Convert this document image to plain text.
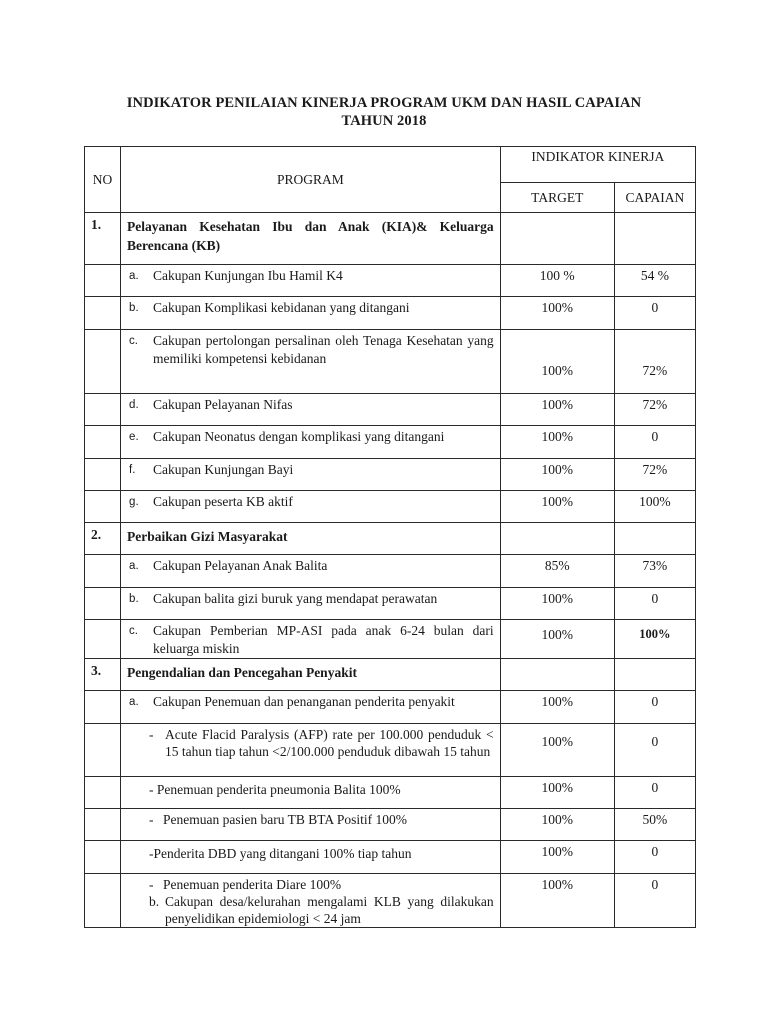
INDIKATOR PENILAIAN KINERJA PROGRAM UKM DAN HASIL CAPAIAN
TAHUN 2018
NO	PROGRAM	INDIKATOR KINERJA	
		TARGET	CAPAIAN
1.	Pelayanan Kesehatan Ibu dan Anak (KIA)& Keluarga Berencana (KB)		

	a. Cakupan Kunjungan Ibu Hamil K4	100 %	54 %

	b. Cakupan Komplikasi kebidanan yang ditangani	100%	0

	c. Cakupan pertolongan persalinan oleh Tenaga Kesehatan yang memiliki kompetensi kebidanan	100%	72%

	d. Cakupan Pelayanan Nifas	100%	72%

	e. Cakupan Neonatus dengan komplikasi yang ditangani	100%	0

	f. Cakupan Kunjungan Bayi	100%	72%

	g. Cakupan peserta KB aktif	100%	100%
2.	Perbaikan Gizi Masyarakat		

	a. Cakupan Pelayanan Anak Balita	85%	73%

	b. Cakupan balita gizi buruk yang mendapat perawatan	100%	0

	c. Cakupan Pemberian MP-ASI pada anak 6-24 bulan dari keluarga miskin	100%	100%
3.	Pengendalian dan Pencegahan Penyakit		

	a. Cakupan Penemuan dan penanganan penderita penyakit	100%	0

	- Acute Flacid Paralysis (AFP) rate per 100.000 penduduk < 15 tahun tiap tahun <2/100.000 penduduk dibawah 15 tahun	100%	0
	- Penemuan penderita pneumonia Balita 100%	100%	0

	- Penemuan pasien baru TB BTA Positif 100%	100%	50%
	-Penderita DBD yang ditangani 100% tiap tahun	100%	0

	- Penemuan penderita Diare 100%
b. Cakupan desa/kelurahan mengalami KLB yang dilakukan penyelidikan epidemiologi < 24 jam	100%	0
